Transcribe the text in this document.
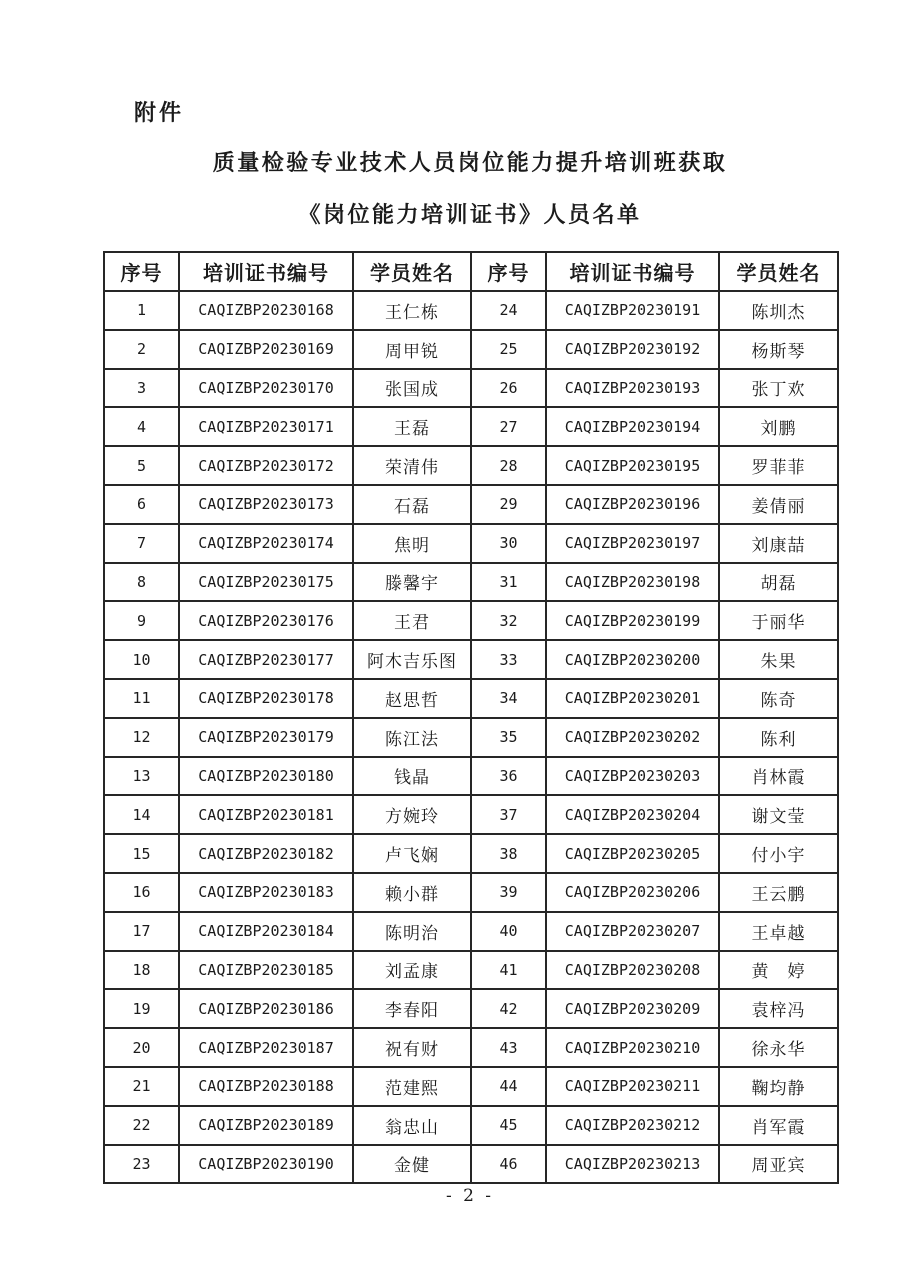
附件
质量检验专业技术人员岗位能力提升培训班获取
《岗位能力培训证书》人员名单
序号	培训证书编号	学员姓名	序号	培训证书编号	学员姓名
1	CAQIZBP20230168	王仁栋	24	CAQIZBP20230191	陈圳杰
2	CAQIZBP20230169	周甲锐	25	CAQIZBP20230192	杨斯琴
3	CAQIZBP20230170	张国成	26	CAQIZBP20230193	张丁欢
4	CAQIZBP20230171	王磊	27	CAQIZBP20230194	刘鹏
5	CAQIZBP20230172	荣清伟	28	CAQIZBP20230195	罗菲菲
6	CAQIZBP20230173	石磊	29	CAQIZBP20230196	姜倩丽
7	CAQIZBP20230174	焦明	30	CAQIZBP20230197	刘康喆
8	CAQIZBP20230175	滕馨宇	31	CAQIZBP20230198	胡磊
9	CAQIZBP20230176	王君	32	CAQIZBP20230199	于丽华
10	CAQIZBP20230177	阿木吉乐图	33	CAQIZBP20230200	朱果
11	CAQIZBP20230178	赵思哲	34	CAQIZBP20230201	陈奇
12	CAQIZBP20230179	陈江法	35	CAQIZBP20230202	陈利
13	CAQIZBP20230180	钱晶	36	CAQIZBP20230203	肖林霞
14	CAQIZBP20230181	方婉玲	37	CAQIZBP20230204	谢文莹
15	CAQIZBP20230182	卢飞娴	38	CAQIZBP20230205	付小宇
16	CAQIZBP20230183	赖小群	39	CAQIZBP20230206	王云鹏
17	CAQIZBP20230184	陈明治	40	CAQIZBP20230207	王卓越
18	CAQIZBP20230185	刘孟康	41	CAQIZBP20230208	黄　婷
19	CAQIZBP20230186	李春阳	42	CAQIZBP20230209	袁梓冯
20	CAQIZBP20230187	祝有财	43	CAQIZBP20230210	徐永华
21	CAQIZBP20230188	范建熙	44	CAQIZBP20230211	鞠均静
22	CAQIZBP20230189	翁忠山	45	CAQIZBP20230212	肖军霞
23	CAQIZBP20230190	金健	46	CAQIZBP20230213	周亚宾
- 2 -
